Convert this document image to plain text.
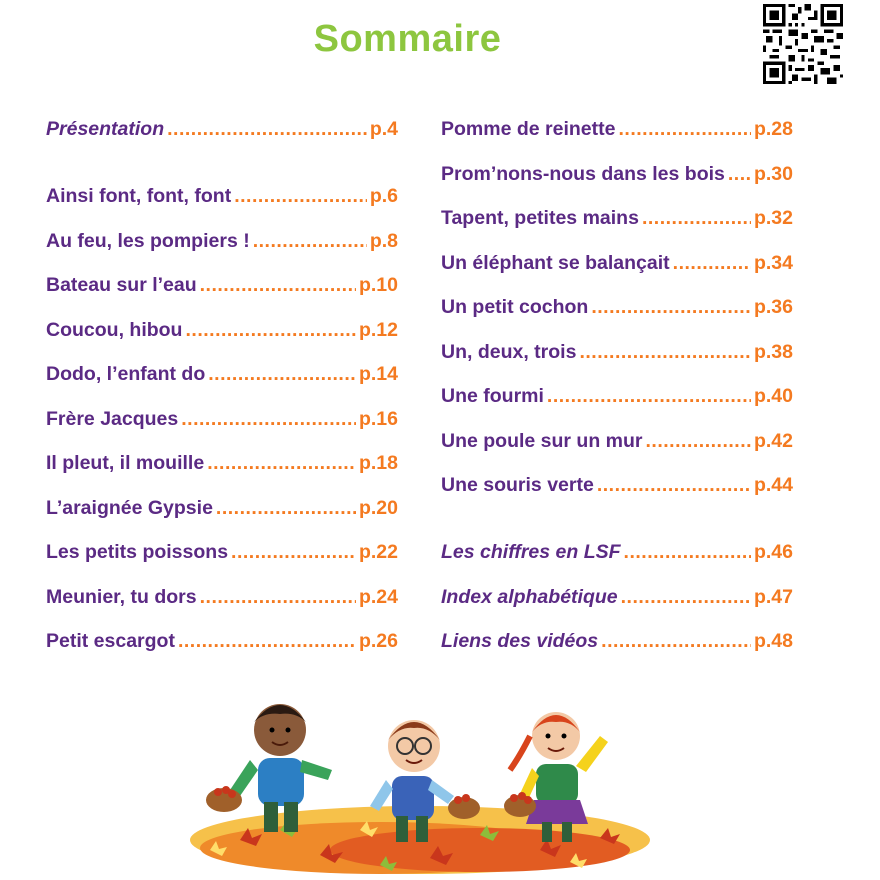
Sommaire
Présentation .....	p.4
Ainsi font, font, font .....	p.6
Au feu, les pompiers ! .....	p.8
Bateau sur l’eau .....	p.10
Coucou, hibou .....	p.12
Dodo, l’enfant do .....	p.14
Frère Jacques .....	p.16
Il pleut, il mouille .....	p.18
L’araignée Gypsie .....	p.20
Les petits poissons .....	p.22
Meunier, tu dors .....	p.24
Petit escargot .....	p.26
Pomme de reinette .....	p.28
Prom’nons-nous dans les bois ..... p.30
Tapent, petites mains .....	p.32
Un éléphant se balançait .....	p.34
Un petit cochon .....	p.36
Un, deux, trois .....	p.38
Une fourmi .....	p.40
Une poule sur un mur .....	p.42
Une souris verte .....	p.44
Les chiffres en LSF .....	p.46
Index alphabétique .....	p.47
Liens des vidéos .....	p.48
